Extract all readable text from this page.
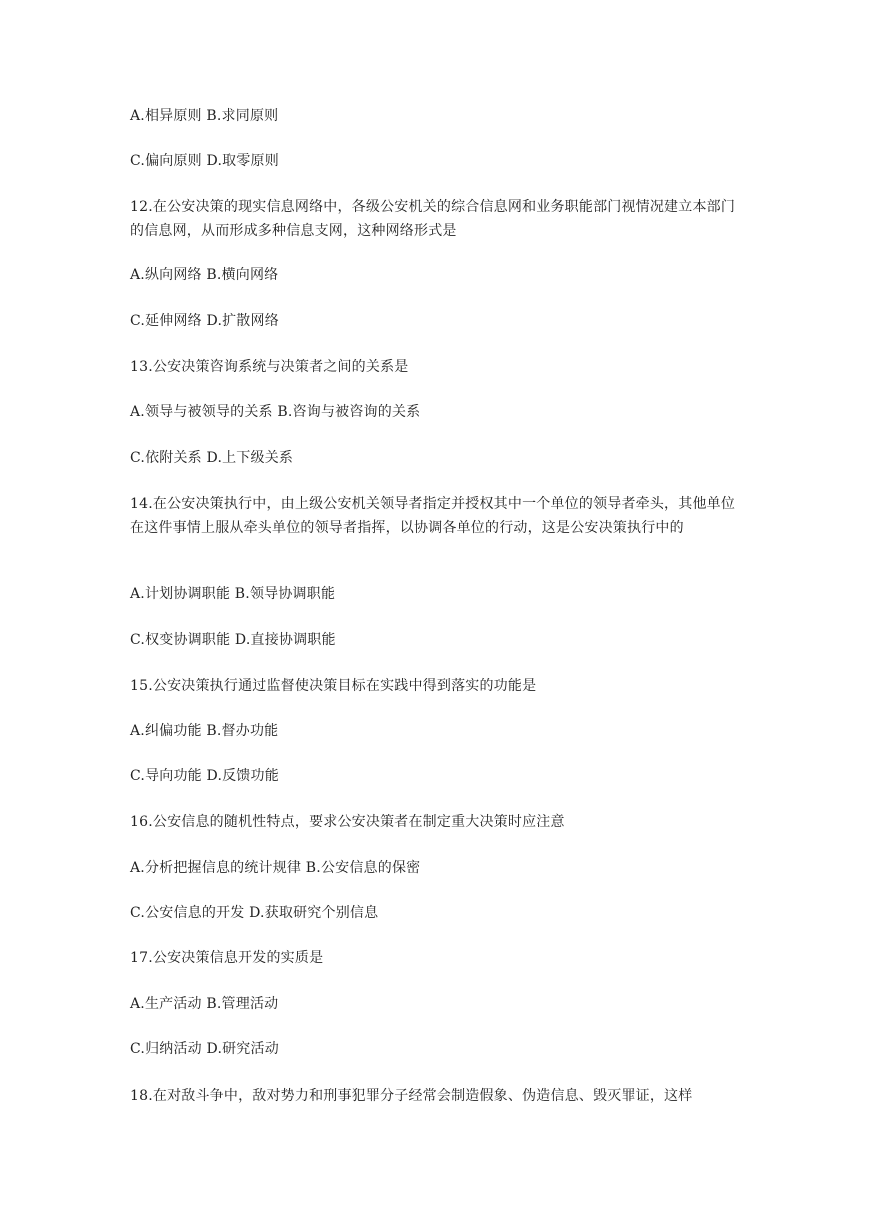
A.相异原则 B.求同原则
C.偏向原则 D.取零原则
12.在公安决策的现实信息网络中，各级公安机关的综合信息网和业务职能部门视情况建立本部门的信息网，从而形成多种信息支网，这种网络形式是
A.纵向网络 B.横向网络
C.延伸网络 D.扩散网络
13.公安决策咨询系统与决策者之间的关系是
A.领导与被领导的关系 B.咨询与被咨询的关系
C.依附关系 D.上下级关系
14.在公安决策执行中，由上级公安机关领导者指定并授权其中一个单位的领导者牵头，其他单位在这件事情上服从牵头单位的领导者指挥，以协调各单位的行动，这是公安决策执行中的
A.计划协调职能 B.领导协调职能
C.权变协调职能 D.直接协调职能
15.公安决策执行通过监督使决策目标在实践中得到落实的功能是
A.纠偏功能 B.督办功能
C.导向功能 D.反馈功能
16.公安信息的随机性特点，要求公安决策者在制定重大决策时应注意
A.分析把握信息的统计规律 B.公安信息的保密
C.公安信息的开发 D.获取研究个别信息
17.公安决策信息开发的实质是
A.生产活动 B.管理活动
C.归纳活动 D.研究活动
18.在对敌斗争中，敌对势力和刑事犯罪分子经常会制造假象、伪造信息、毁灭罪证，这样
